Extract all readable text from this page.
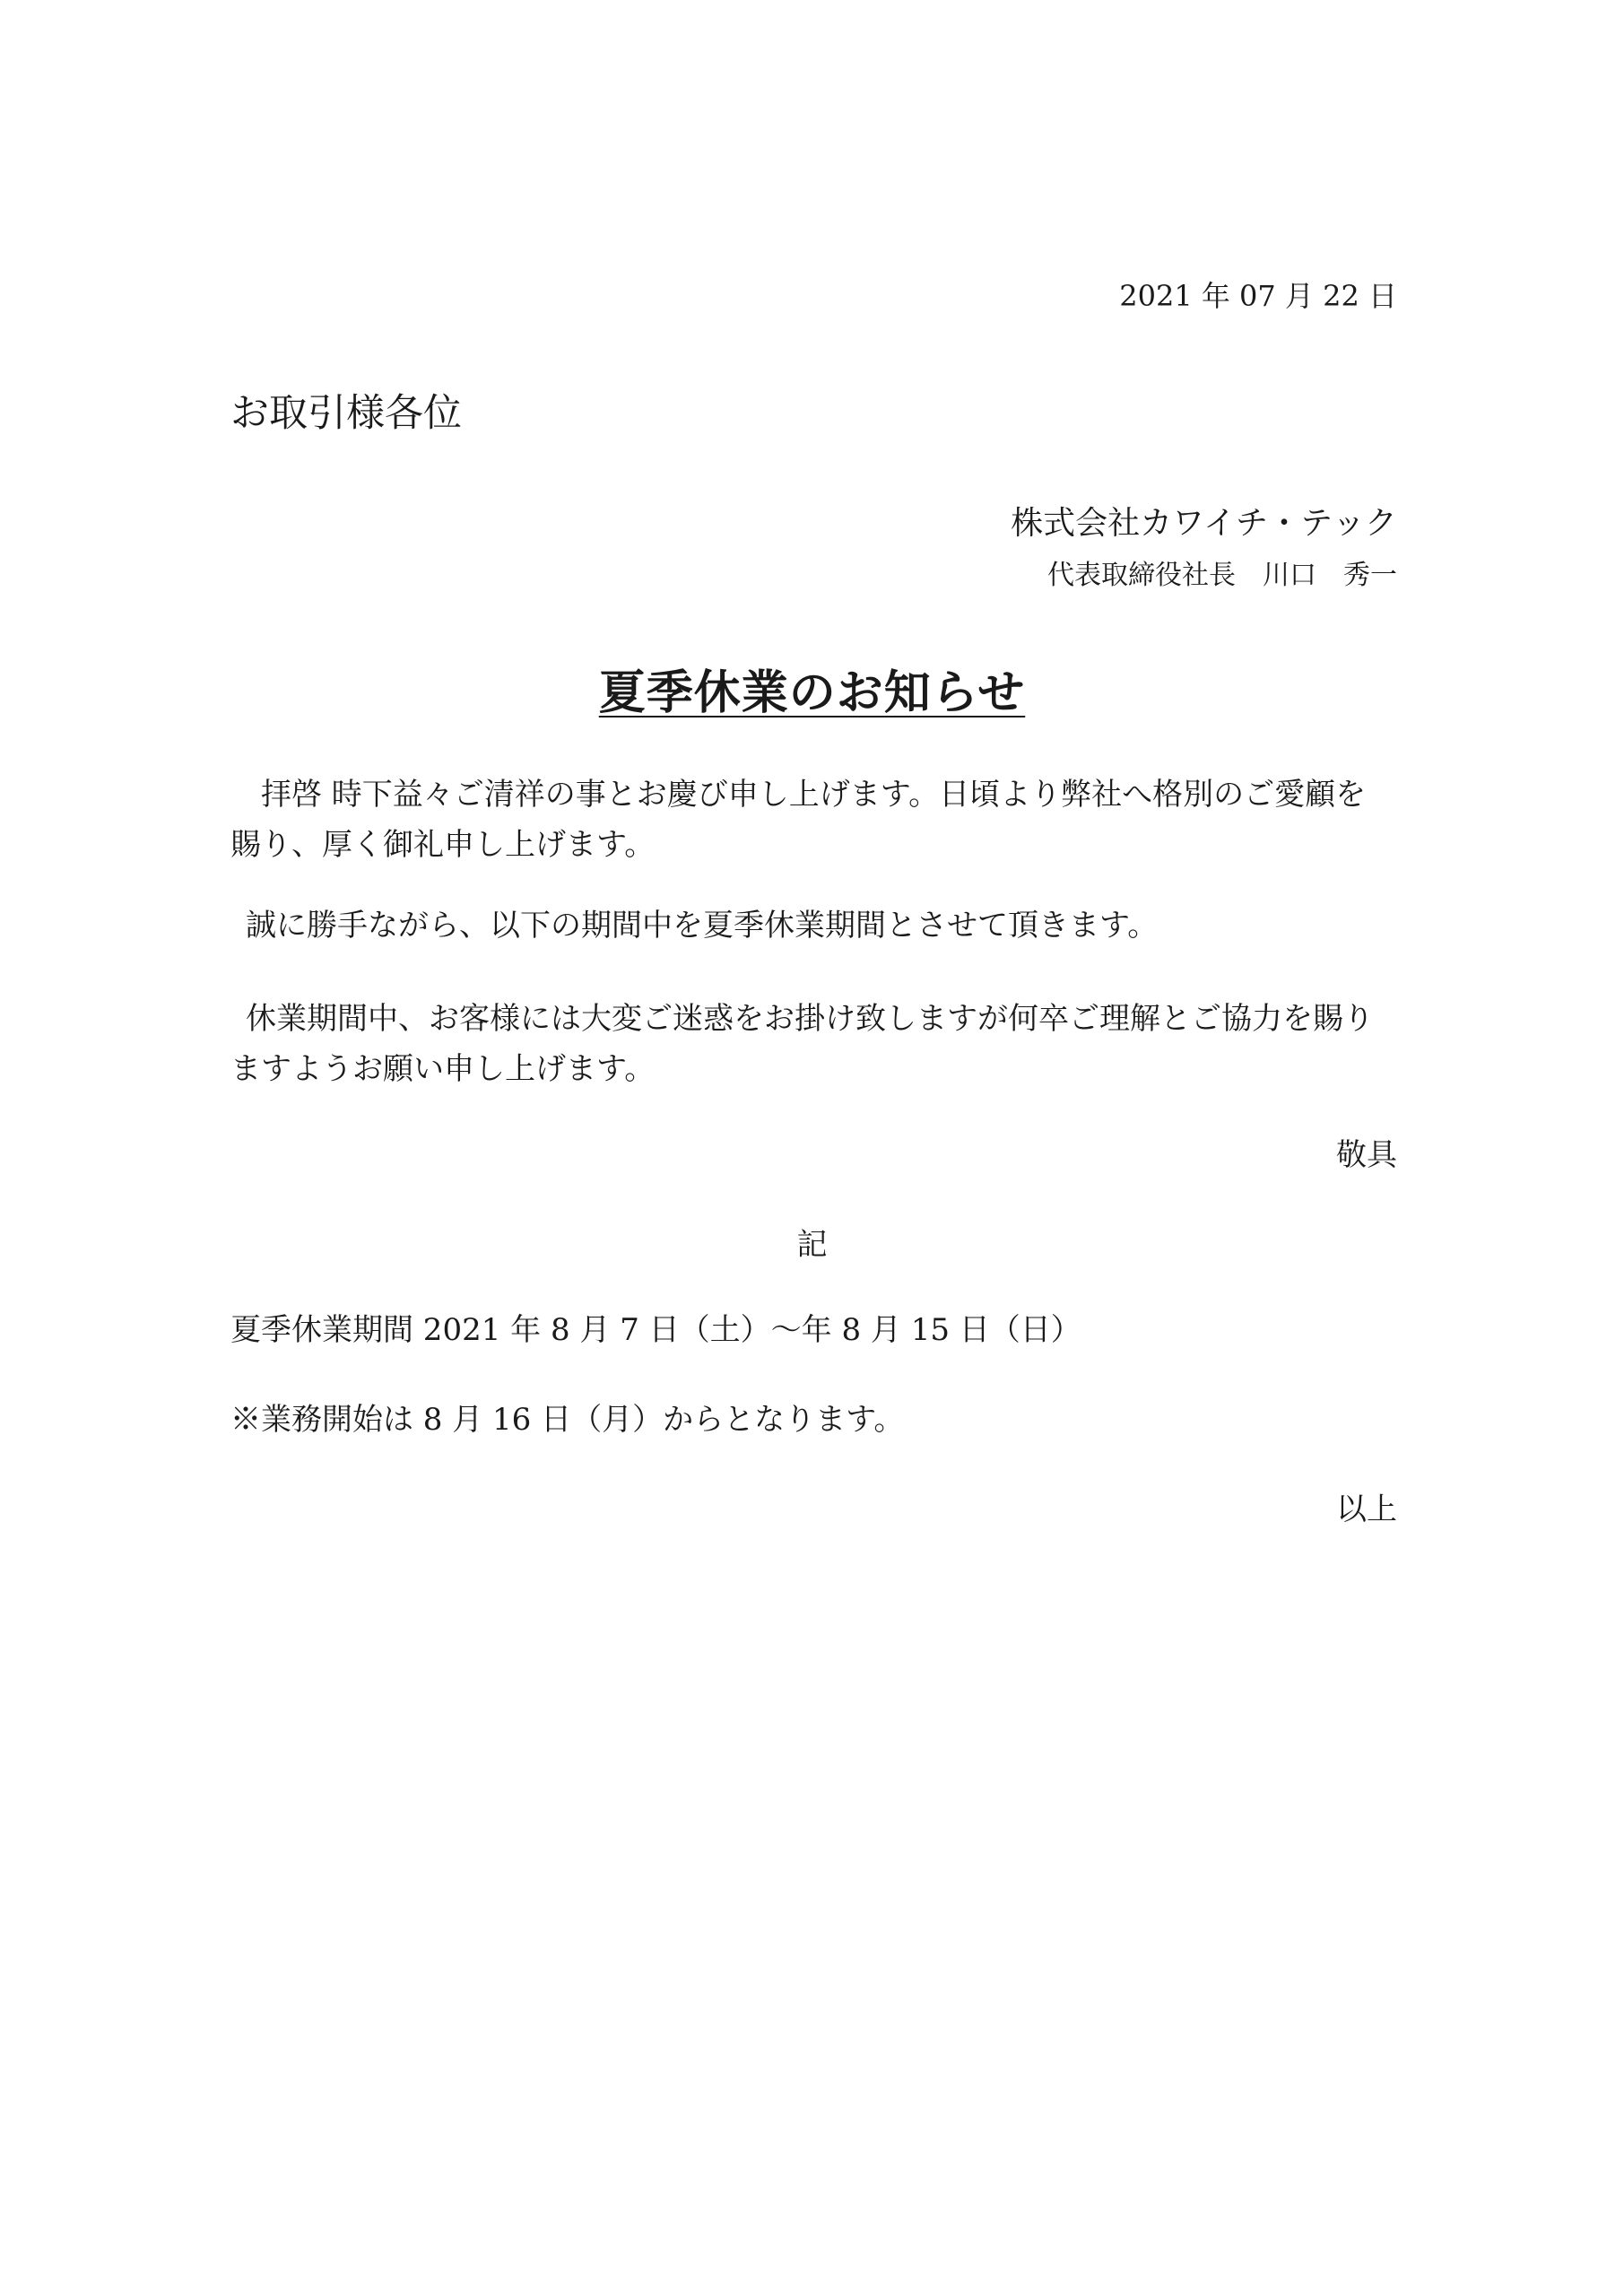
2021 年 07 月 22 日

お取引様各位

株式会社カワイチ・テック

代表取締役社長　川口　秀一

夏季休業のお知らせ

　拝啓 時下益々ご清祥の事とお慶び申し上げます。日頃より弊社へ格別のご愛顧を賜り、厚く御礼申し上げます。

誠に勝手ながら、以下の期間中を夏季休業期間とさせて頂きます。

休業期間中、お客様には大変ご迷惑をお掛け致しますが何卒ご理解とご協力を賜りますようお願い申し上げます。

敬具

記

夏季休業期間 2021 年 8 月 7 日（土）～年 8 月 15 日（日）

※業務開始は 8 月 16 日（月）からとなります。

以上
